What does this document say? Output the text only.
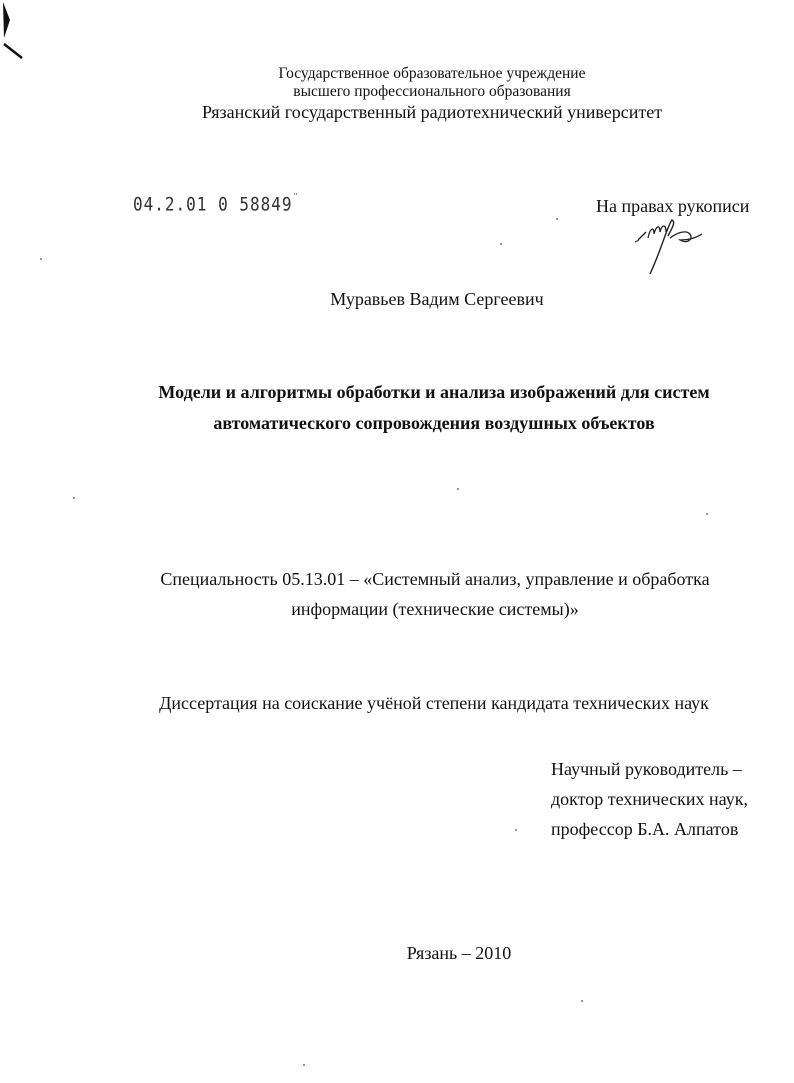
Государственное образовательное учреждение
высшего профессионального образования
Рязанский государственный радиотехнический университет
04.2.01 0 58849¨	На правах рукописи
Муравьев Вадим Сергеевич
Модели и алгоритмы обработки и анализа изображений для систем
автоматического сопровождения воздушных объектов
Специальность 05.13.01 – «Системный анализ, управление и обработка
информации (технические системы)»
Диссертация на соискание учёной степени кандидата технических наук
Научный руководитель –
доктор технических наук,
профессор Б.А. Алпатов
Рязань – 2010
